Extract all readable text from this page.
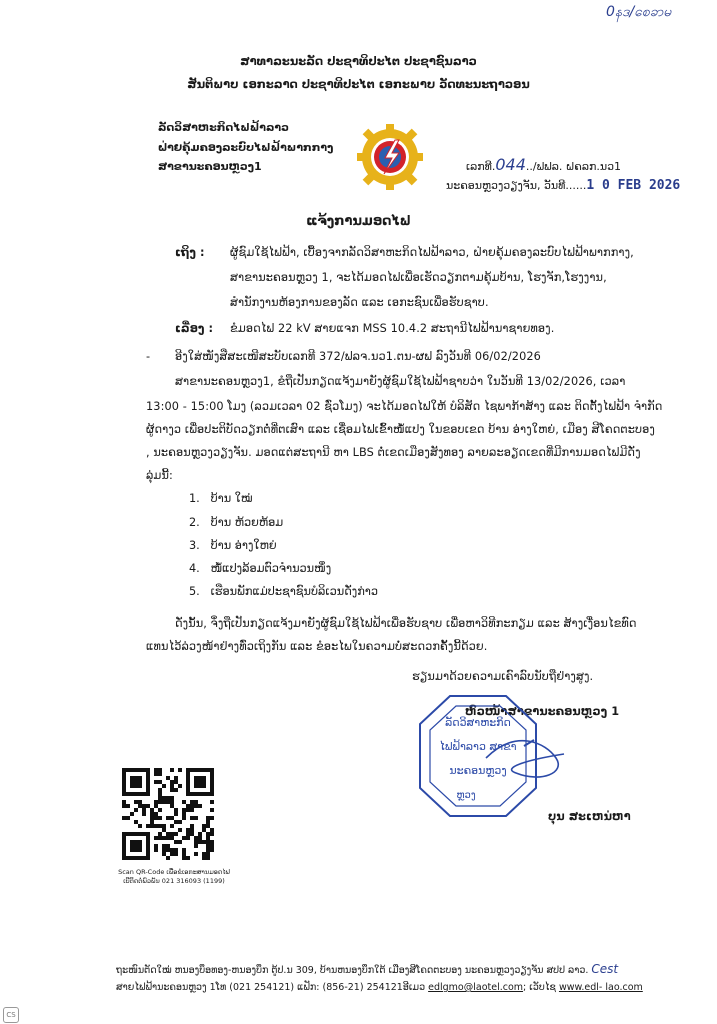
0နဒ/စေခာမ
ສາທາລະນະລັດ ປະຊາທິປະໄຕ ປະຊາຊົນລາວ
ສັນຕິພາບ ເອກະລາດ ປະຊາທິປະໄຕ ເອກະພາບ ວັດທະນະຖາວອນ
ລັດວິສາຫະກິດໄຟຟ້າລາວ
ຝ່າຍຄຸ້ມຄອງລະບົບໄຟຟ້າພາກກາງ
ສາຂານະຄອນຫຼວງ1	ເລກທີ.044../ຟຟລ. ຝຄລກ.ນວ1
ນະຄອນຫຼວງວຽງຈັນ, ວັນທີ......1 0 FEB 2026
ແຈ້ງການມອດໄຟ
ເຖິງ : ຜູ້ຊົມໃຊ້ໄຟຟ້າ, ເບື້ອງຈາກລັດວິສາຫະກິດໄຟຟ້າລາວ, ຝ່າຍຄຸ້ມຄອງລະບົບໄຟຟ້າພາກກາງ,
ສາຂານະຄອນຫຼວງ 1, ຈະໄດ້ມອດໄຟເພື່ອເຮັດວຽກຕາມຄຸ້ມບ້ານ, ໂຮງຈັກ,ໂຮງງານ,
ສຳນັກງານຫ້ອງການຂອງລັດ ແລະ ເອກະຊົນເພື່ອຮັບຊາບ.
ເລື່ອງ : ຂໍມອດໄຟ 22 kV ສາຍແຈກ MSS 10.4.2 ສະຖານີໄຟຟ້ານາຊາຍທອງ.
- ອີງໃສ່ໜັງສືສະເໜີສະບັບເລກທີ 372/ຟລຈ.ນວ1.ຕນ-ຜຟ ລົງວັນທີ 06/02/2026
ສາຂານະຄອນຫຼວງ1, ຂໍຖືເປັນກຽດແຈ້ງມາຍັງຜູ້ຊົມໃຊ້ໄຟຟ້າຊາບວ່າ ໃນວັນທີ 13/02/2026, ເວລາ
13:00 - 15:00 ໂມງ (ລວມເວລາ 02 ຊົ່ວໂມງ) ຈະໄດ້ມອດໄຟໃຫ້ ບໍລິສັດ ໄຊພາກ້າສ້າງ ແລະ ຕິດຕັ້ງໄຟຟ້າ ຈຳກັດ
ຜູ້ດາງວ ເພື່ອປະຕິບັດວຽກຕໍ່ທີ່ຕເສົາ ແລະ ເຊື່ອມໄຟເຂົ້າໜໍ້ແປງ ໃນຂອບເຂດ ບ້ານ ອ່າງໃຫຍ່, ເມືອງ ສີໂຄດຕະບອງ
, ນະຄອນຫຼວງວຽງຈັນ. ມອດແຕ່ສະຖານີ ຫາ LBS ຕໍ່ເຂດເມືອງສັງທອງ ລາຍລະອຽດເຂດທີ່ມີການມອດໄຟມີດັ່ງ
ລຸ່ມນີ້:
1. ບ້ານ ໃໝ່
2. ບ້ານ ຫ້ວຍຫ້ອມ
3. ບ້ານ ອ່າງໃຫຍ່
4. ໜໍ້ແປງລ້ອມຕົວຈຳນວນໜຶ່ງ
5. ເຮືອນພັກແມ່ປະຊາຊົນບໍລິເວນດັ່ງກ່າວ
ດັ່ງນັ້ນ, ຈຶ່ງຖືເປັນກຽດແຈ້ງມາຍັງຜູ້ຊົມໃຊ້ໄຟຟ້າເພື່ອຮັບຊາບ ເພື່ອຫາວິທີກະກຽມ ແລະ ສ້າງເງື່ອນໄຂທົດ
ແທນໄວ້ລ່ວງໜ້າຢ່າງທົ່ວເຖິງກັນ ແລະ ຂໍອະໄພໃນຄວາມບໍ່ສະດວກຄັ້ງນີ້ດ້ວຍ.
ຮຽນມາດ້ວຍຄວາມເຄົາລົບນັບຖືຢ່າງສູງ.
ຫົວໜ້າສາຂານະຄອນຫຼວງ 1
ລັດວິສາຫະກິດ
ໄຟຟ້າລາວ ສາຂາ
ນະຄອນຫຼວງ
ຫຼວງ
ບຸນ ສະເຫນ່ຫາ
Scan QR-Code ເພື່ອຂໍເອກະສານມອດໄຟ
ເບີຕິດຕໍ່ພົວພັນ 021 316093 (1199)
ຖະໜົນຕັດໃໝ່ ຫນອງບຶອທອງ-ຫນອງບຶກ ຕູ້ປ.ນ 309, ບ້ານຫນອງບຶກໃຕ້ ເມືອງສີໂຄດຕະບອງ ນະຄອນຫຼວງວຽງຈັນ ສປປ ລາວ. Cest
ສາຍໄຟຟ້ານະຄອນຫຼວງ 1ໂທ (021 254121) ແຟັກ: (856-21) 254121ອີເມວ edlgmo@laotel.com; ເວັບໄຊ www.edl- lao.com
CS
